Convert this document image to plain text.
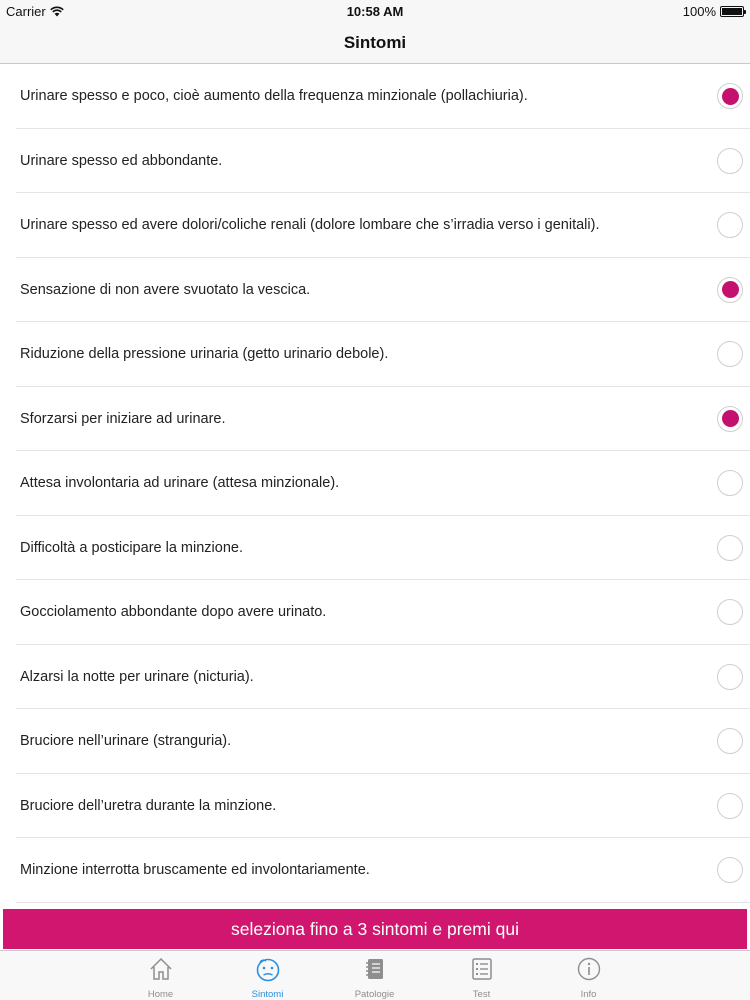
Carrier	10:58 AM	100%
Sintomi
Urinare spesso e poco, cioè aumento della frequenza minzionale (pollachiuria).
Urinare spesso ed abbondante.
Urinare spesso ed avere dolori/coliche renali (dolore lombare che s’irradia verso i genitali).
Sensazione di non avere svuotato la vescica.
Riduzione della pressione urinaria (getto urinario debole).
Sforzarsi per iniziare ad urinare.
Attesa involontaria ad urinare (attesa minzionale).
Difficoltà a posticipare la minzione.
Gocciolamento abbondante dopo avere urinato.
Alzarsi la notte per urinare (nicturia).
Bruciore nell’urinare (stranguria).
Bruciore dell’uretra durante la minzione.
Minzione interrotta bruscamente ed involontariamente.
seleziona fino a 3 sintomi e premi qui
Home	Sintomi	Patologie	Test	Info
